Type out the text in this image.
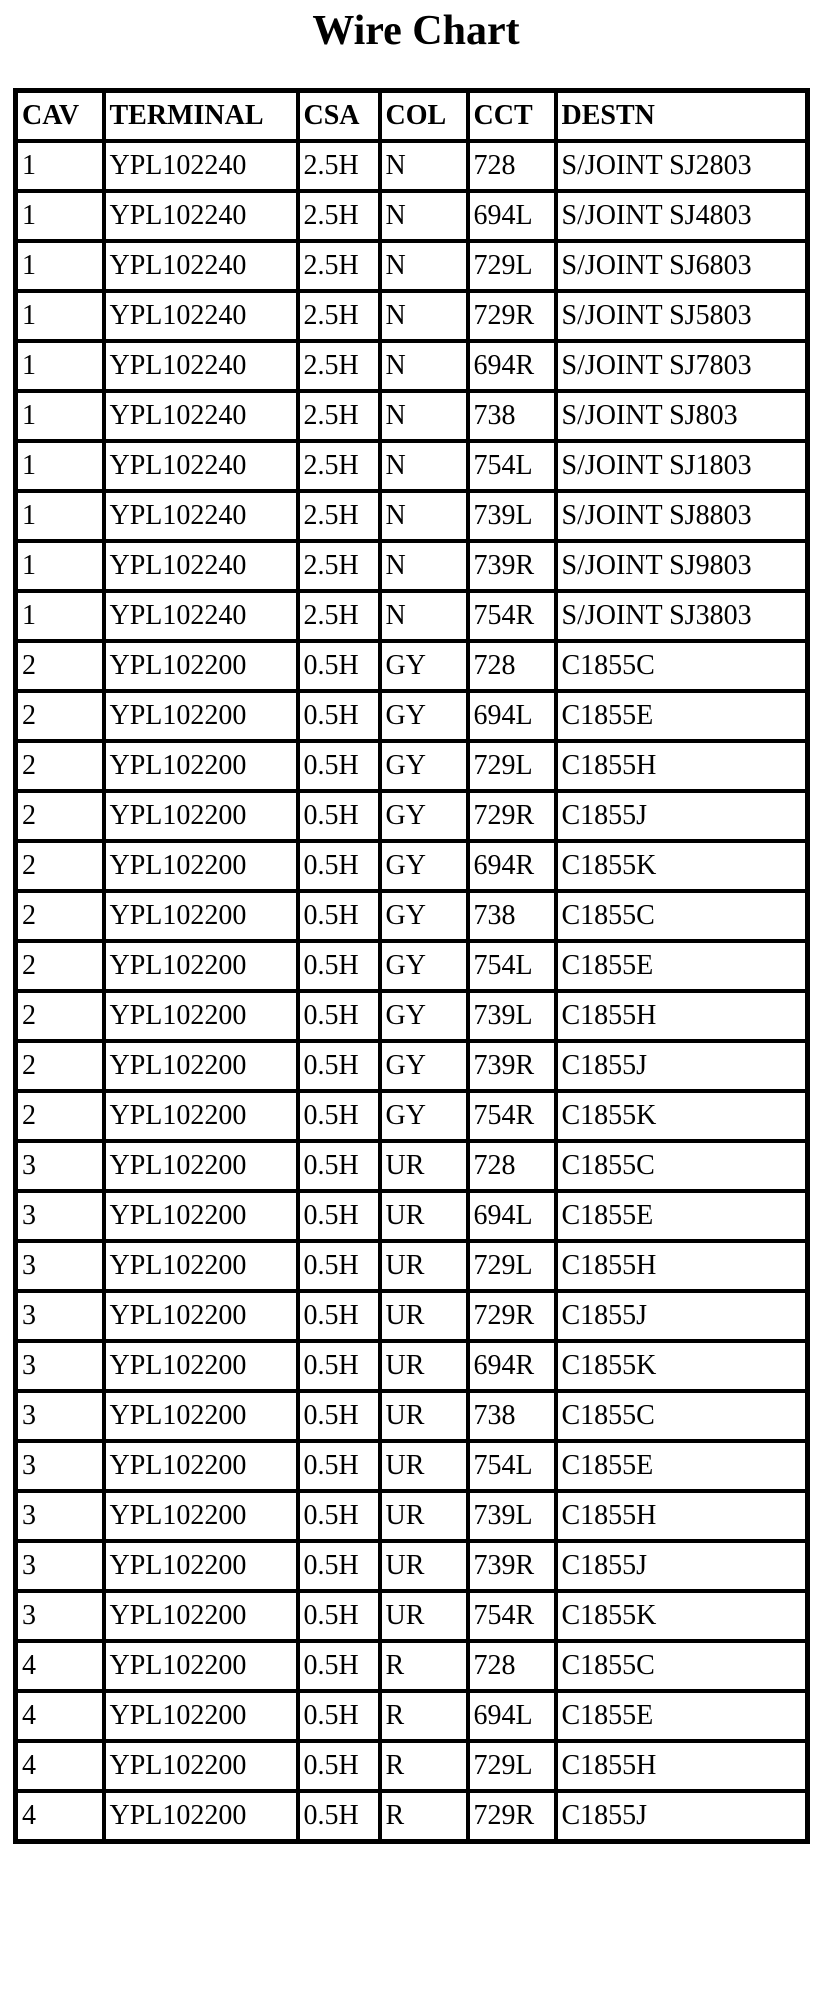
Wire Chart
CAV	TERMINAL	CSA	COL	CCT	DESTN
1	YPL102240	2.5H	N	728	S/JOINT SJ2803
1	YPL102240	2.5H	N	694L	S/JOINT SJ4803
1	YPL102240	2.5H	N	729L	S/JOINT SJ6803
1	YPL102240	2.5H	N	729R	S/JOINT SJ5803
1	YPL102240	2.5H	N	694R	S/JOINT SJ7803
1	YPL102240	2.5H	N	738	S/JOINT SJ803
1	YPL102240	2.5H	N	754L	S/JOINT SJ1803
1	YPL102240	2.5H	N	739L	S/JOINT SJ8803
1	YPL102240	2.5H	N	739R	S/JOINT SJ9803
1	YPL102240	2.5H	N	754R	S/JOINT SJ3803
2	YPL102200	0.5H	GY	728	C1855C
2	YPL102200	0.5H	GY	694L	C1855E
2	YPL102200	0.5H	GY	729L	C1855H
2	YPL102200	0.5H	GY	729R	C1855J
2	YPL102200	0.5H	GY	694R	C1855K
2	YPL102200	0.5H	GY	738	C1855C
2	YPL102200	0.5H	GY	754L	C1855E
2	YPL102200	0.5H	GY	739L	C1855H
2	YPL102200	0.5H	GY	739R	C1855J
2	YPL102200	0.5H	GY	754R	C1855K
3	YPL102200	0.5H	UR	728	C1855C
3	YPL102200	0.5H	UR	694L	C1855E
3	YPL102200	0.5H	UR	729L	C1855H
3	YPL102200	0.5H	UR	729R	C1855J
3	YPL102200	0.5H	UR	694R	C1855K
3	YPL102200	0.5H	UR	738	C1855C
3	YPL102200	0.5H	UR	754L	C1855E
3	YPL102200	0.5H	UR	739L	C1855H
3	YPL102200	0.5H	UR	739R	C1855J
3	YPL102200	0.5H	UR	754R	C1855K
4	YPL102200	0.5H	R	728	C1855C
4	YPL102200	0.5H	R	694L	C1855E
4	YPL102200	0.5H	R	729L	C1855H
4	YPL102200	0.5H	R	729R	C1855J
